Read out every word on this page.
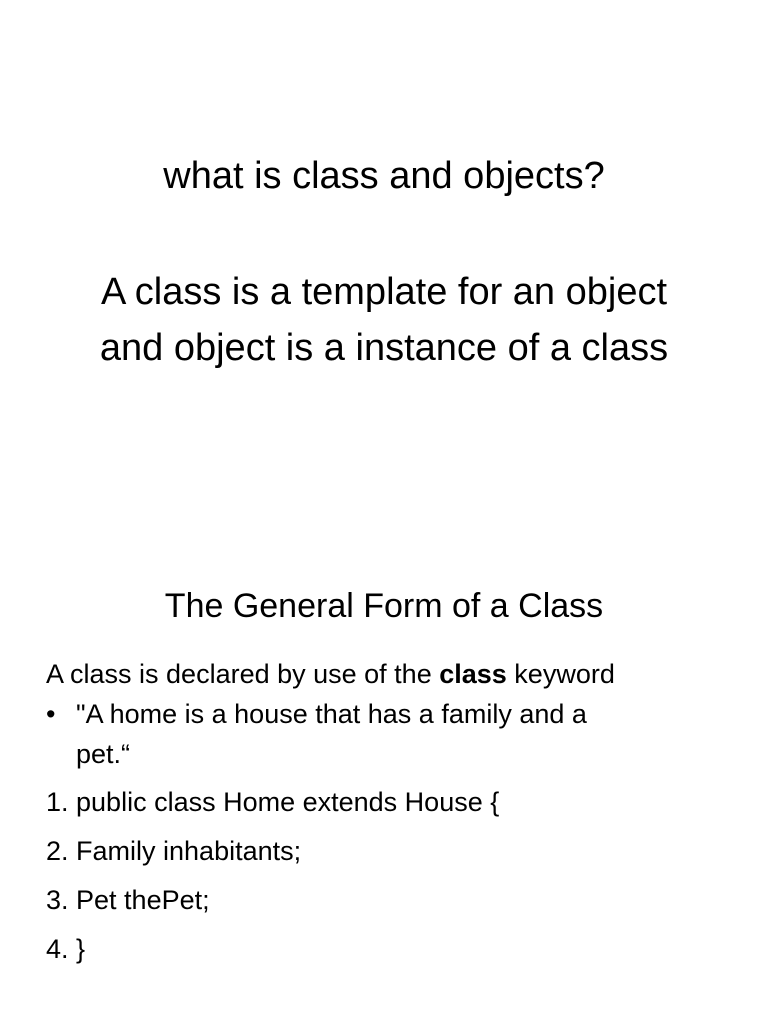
what is class and objects?
A class is a template for an object
and object is a instance of a class
The General Form of a Class

A class is declared by use of the class keyword

• "A home is a house that has a family and a
pet.“
1. public class Home extends House {
2. Family inhabitants;
3. Pet thePet;
4. }
